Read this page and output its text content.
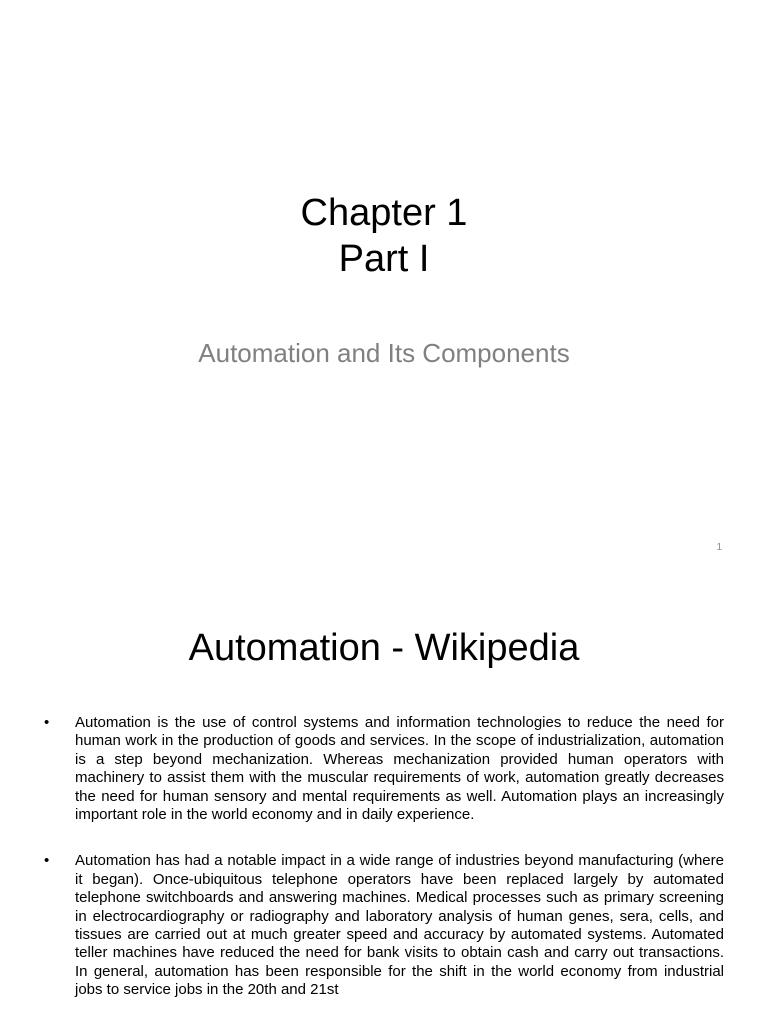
Chapter 1
Part I
Automation and Its Components
1
Automation - Wikipedia
•	Automation is the use of control systems and information technologies to reduce the need for human work in the production of goods and services. In the scope of industrialization, automation is a step beyond mechanization. Whereas mechanization provided human operators with machinery to assist them with the muscular requirements of work, automation greatly decreases the need for human sensory and mental requirements as well. Automation plays an increasingly important role in the world economy and in daily experience.
•	Automation has had a notable impact in a wide range of industries beyond manufacturing (where it began). Once-ubiquitous telephone operators have been replaced largely by automated telephone switchboards and answering machines. Medical processes such as primary screening in electrocardiography or radiography and laboratory analysis of human genes, sera, cells, and tissues are carried out at much greater speed and accuracy by automated systems. Automated teller machines have reduced the need for bank visits to obtain cash and carry out transactions. In general, automation has been responsible for the shift in the world economy from industrial jobs to service jobs in the 20th and 21st
